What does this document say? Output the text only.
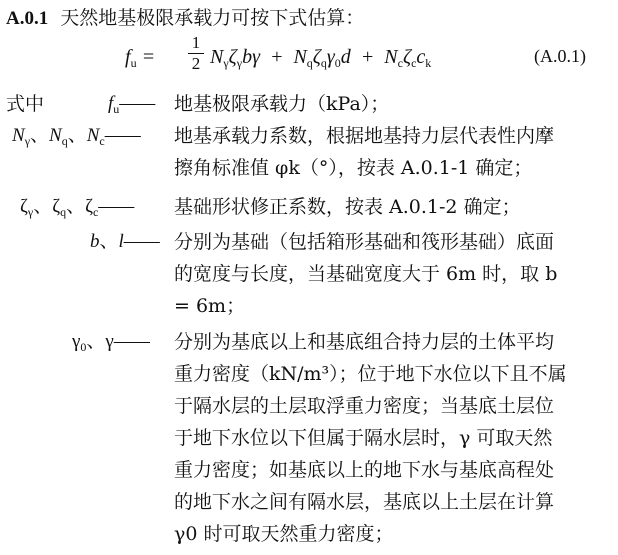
A.0.1 天然地基极限承载力可按下式估算：
$f_u$ =
1
2 $N_\gamma\zeta_\gamma b\gamma + N_q\zeta_q\gamma_0d + N_c\zeta_cc_k$	(A.0.1)
式中	$f_u——$ 地基极限承载力（kPa）；
$N_\gamma$、$N_q$、$N_c——$ 地基承载力系数，根据地基持力层代表性内摩
擦角标准值 φk（°），按表 A.0.1-1 确定；
$\zeta_\gamma$、$\zeta_q$、$\zeta_c——$ 基础形状修正系数，按表 A.0.1-2 确定；
b、l—— 分别为基础（包括箱形基础和筏形基础）底面
的宽度与长度，当基础宽度大于 6m 时，取 b
= 6m；
$\gamma_0$、γ—— 分别为基底以上和基底组合持力层的土体平均
重力密度（kN/m³）；位于地下水位以下且不属
于隔水层的土层取浮重力密度；当基底土层位
于地下水位以下但属于隔水层时，γ 可取天然
重力密度；如基底以上的地下水与基底高程处
的地下水之间有隔水层，基底以上土层在计算
γ0 时可取天然重力密度；
